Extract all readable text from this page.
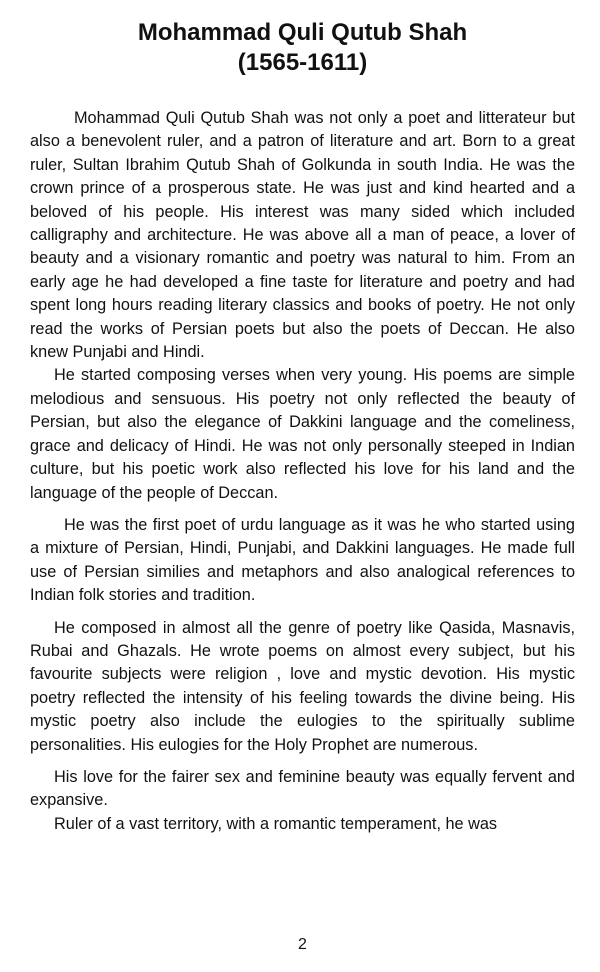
Mohammad Quli Qutub Shah
(1565-1611)

Mohammad Quli Qutub Shah was not only a poet and litterateur but also a benevolent ruler, and a patron of literature and art. Born to a great ruler, Sultan Ibrahim Qutub Shah of Golkunda in south India. He was the crown prince of a prosperous state. He was just and kind hearted and a beloved of his people. His interest was many sided which included calligraphy and architecture. He was above all a man of peace, a lover of beauty and a visionary romantic and poetry was natural to him. From an early age he had developed a fine taste for literature and poetry and had spent long hours reading literary classics and books of poetry. He not only read the works of Persian poets but also the poets of Deccan. He also knew Punjabi and Hindi.

He started composing verses when very young. His poems are simple melodious and sensuous. His poetry not only reflected the beauty of Persian, but also the elegance of Dakkini language and the comeliness, grace and delicacy of Hindi. He was not only personally steeped in Indian culture, but his poetic work also reflected his love for his land and the language of the people of Deccan.

He was the first poet of urdu language as it was he who started using a mixture of Persian, Hindi, Punjabi, and Dakkini languages. He made full use of Persian similies and metaphors and also analogical references to Indian folk stories and tradition.

He composed in almost all the genre of poetry like Qasida, Masnavis, Rubai and Ghazals. He wrote poems on almost every subject, but his favourite subjects were religion , love and mystic devotion. His mystic poetry reflected the intensity of his feeling towards the divine being. His mystic poetry also include the eulogies to the spiritually sublime personalities. His eulogies for the Holy Prophet are numerous.

His love for the fairer sex and feminine beauty was equally fervent and expansive.

Ruler of a vast territory, with a romantic temperament, he was

2
